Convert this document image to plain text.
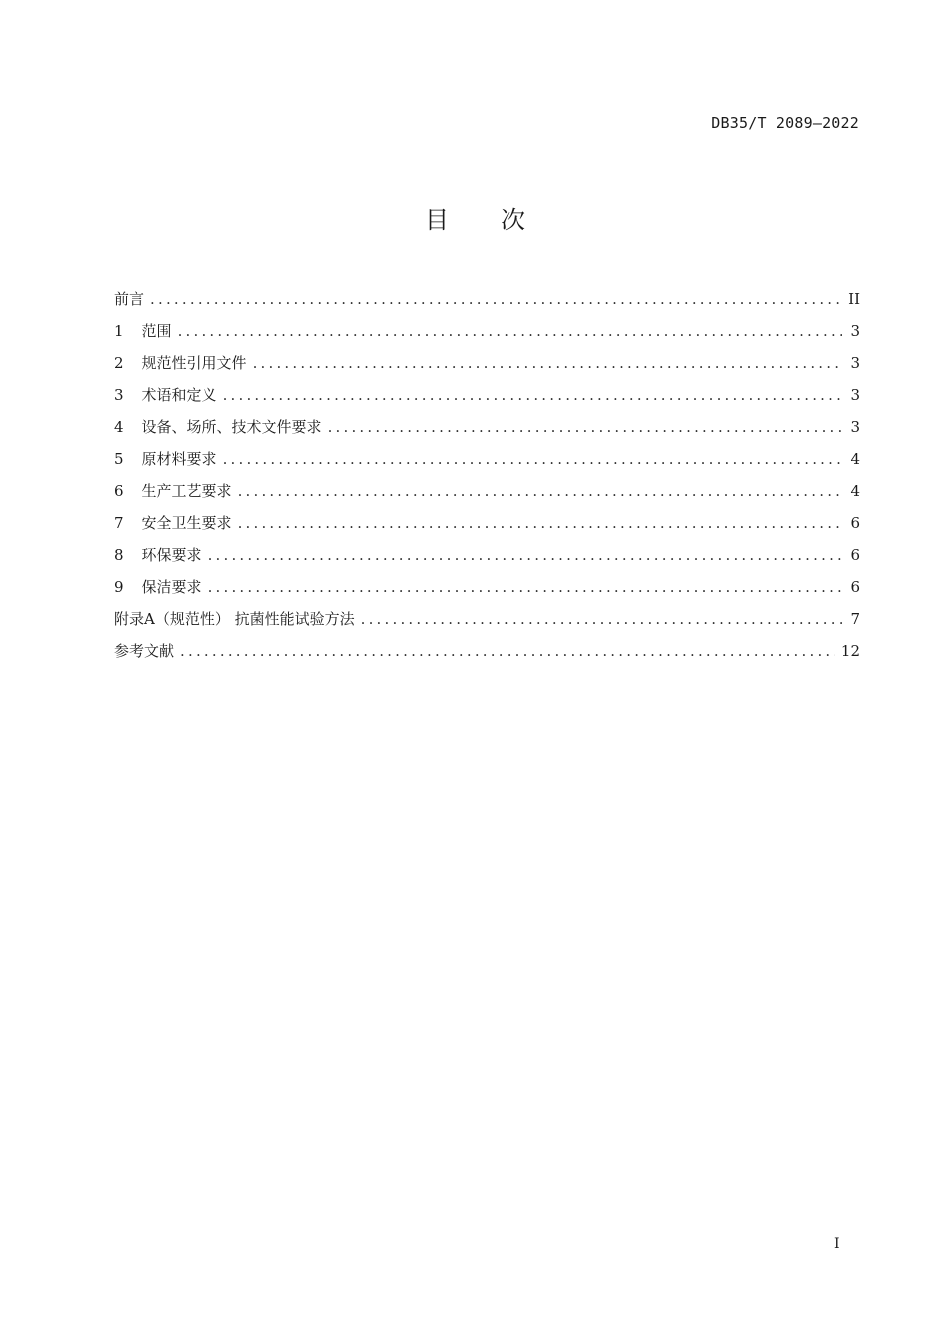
DB35/T 2089—2022
目 次
前言 .....	II
1 范围 .....	3
2 规范性引用文件 .....	3
3 术语和定义 .....	3
4 设备、场所、技术文件要求 .....	3
5 原材料要求 .....	4
6 生产工艺要求 .....	4
7 安全卫生要求 .....	6
8 环保要求 .....	6
9 保洁要求 .....	6
附录A（规范性） 抗菌性能试验方法 .....	7
参考文献 .....	12
I
